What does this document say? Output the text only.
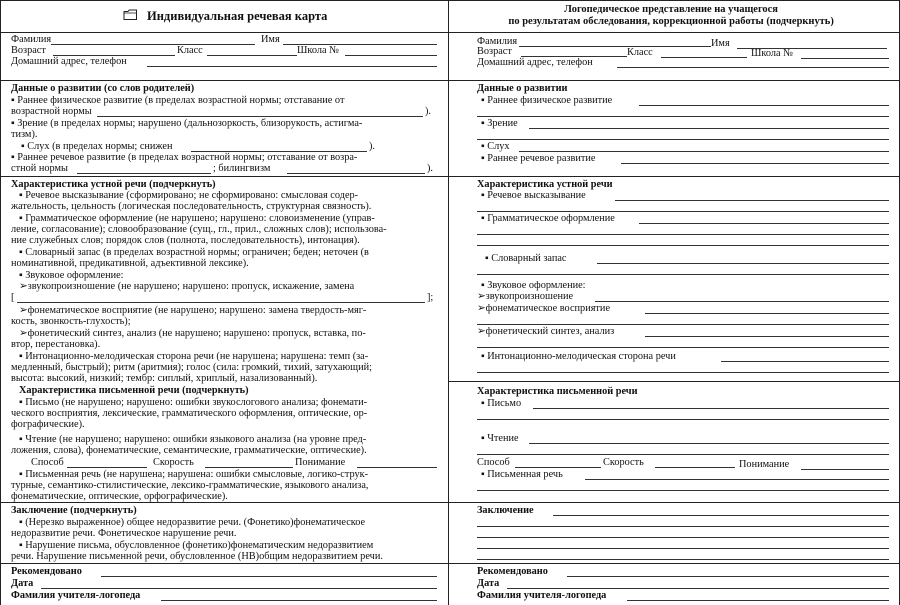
Индивидуальная речевая карта
Фамилия	Имя
Возраст	Класс	Школа №
Домашний адрес, телефон
Данные о развитии (со слов родителей)
▪ Раннее физическое развитие (в пределах возрастной нормы; отставание от
возрастной нормы	).
▪ Зрение (в пределах нормы; нарушено (дальнозоркость, близорукость, астигма-
тизм).
▪ Слух (в пределах нормы; снижен	).
▪ Раннее речевое развитие (в пределах возрастной нормы; отставание от возра-
стной нормы	; билингвизм	).
Характеристика устной речи (подчеркнуть)
▪ Речевое высказывание (сформировано; не сформировано: смысловая содер-
жательность, цельность (логическая последовательность, структурная связность).
▪ Грамматическое оформление (не нарушено; нарушено: словоизменение (управ-
ление, согласование); словообразование (сущ., гл., прил., сложных слов); использова-
ние служебных слов; порядок слов (полнота, последовательность), интонация).
▪ Словарный запас (в пределах возрастной нормы; ограничен; беден; неточен (в
номинативной, предикативной, адъективной лексике).
▪ Звуковое оформление:
➢звукопроизношение (не нарушено; нарушено: пропуск, искажение, замена
[	];
➢фонематическое восприятие (не нарушено; нарушено: замена твердость-мяг-
кость, звонкость-глухость);
➢фонетический синтез, анализ (не нарушено; нарушено: пропуск, вставка, по-
втор, перестановка).
▪ Интонационно-мелодическая сторона речи (не нарушена; нарушена: темп (за-
медленный, быстрый); ритм (аритмия); голос (сила: громкий, тихий, затухающий;
высота: высокий, низкий; тембр: сиплый, хриплый, назализованный).
Характеристика письменной речи (подчеркнуть)
▪ Письмо (не нарушено; нарушено: ошибки звукослогового анализа; фонемати-
ческого восприятия, лексические, грамматического оформления, оптические, ор-
фографические).
▪ Чтение (не нарушено; нарушено: ошибки языкового анализа (на уровне пред-
ложения, слова), фонематические, семантические, грамматические, оптические).
Способ	Скорость	Понимание
▪ Письменная речь (не нарушена; нарушена: ошибки смысловые, логико-струк-
турные, семантико-стилистические, лексико-грамматические, языкового анализа,
фонематические, оптические, орфографические).
Заключение (подчеркнуть)
▪ (Нерезко выраженное) общее недоразвитие речи. (Фонетико)фонематическое
недоразвитие речи. Фонетическое нарушение речи.
▪ Нарушение письма, обусловленное (фонетико)фонематическим недоразвитием
речи. Нарушение письменной речи, обусловленное (НВ)общим недоразвитием речи.
Рекомендовано
Дата
Фамилия учителя-логопеда
Логопедическое представление на учащегося
по результатам обследования, коррекционной работы (подчеркнуть)
Фамилия	Имя
Возраст	Класс	Школа №
Домашний адрес, телефон
Данные о развитии
▪ Раннее физическое развитие
▪ Зрение
▪ Слух
▪ Раннее речевое развитие
Характеристика устной речи
▪ Речевое высказывание
▪ Грамматическое оформление
▪ Словарный запас
▪ Звуковое оформление:
➢звукопроизношение
➢фонематическое восприятие
➢фонетический синтез, анализ
▪ Интонационно-мелодическая сторона речи
Характеристика письменной речи
▪ Письмо
▪ Чтение
Способ	Скорость	Понимание
▪ Письменная речь
Заключение
Рекомендовано
Дата
Фамилия учителя-логопеда
